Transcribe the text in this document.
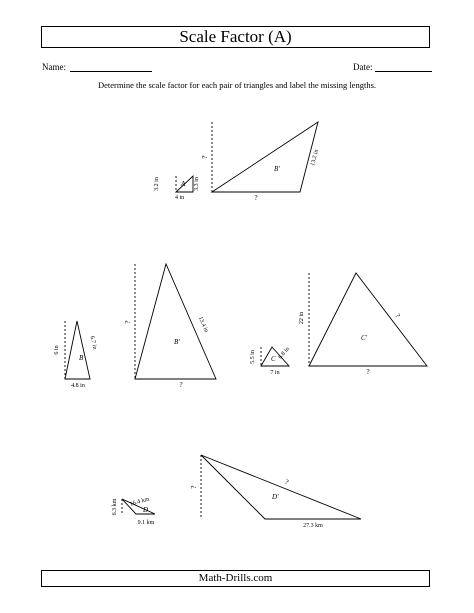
Scale Factor (A)
Name:	Date:
Determine the scale factor for each pair of triangles and label the missing lengths.
A
3.2 in
4 in
3.3 in
B'
?
?
13.2 in
B
6 in
4.8 in
6.7 in	B'
?
?
13.4 in
C
5.5 in
7 in
6.8 in
C'
22 in
?
?
D
6.3 km
9.1 km
16.4 km	D'
?
27.3 km
?
Math-Drills.com
